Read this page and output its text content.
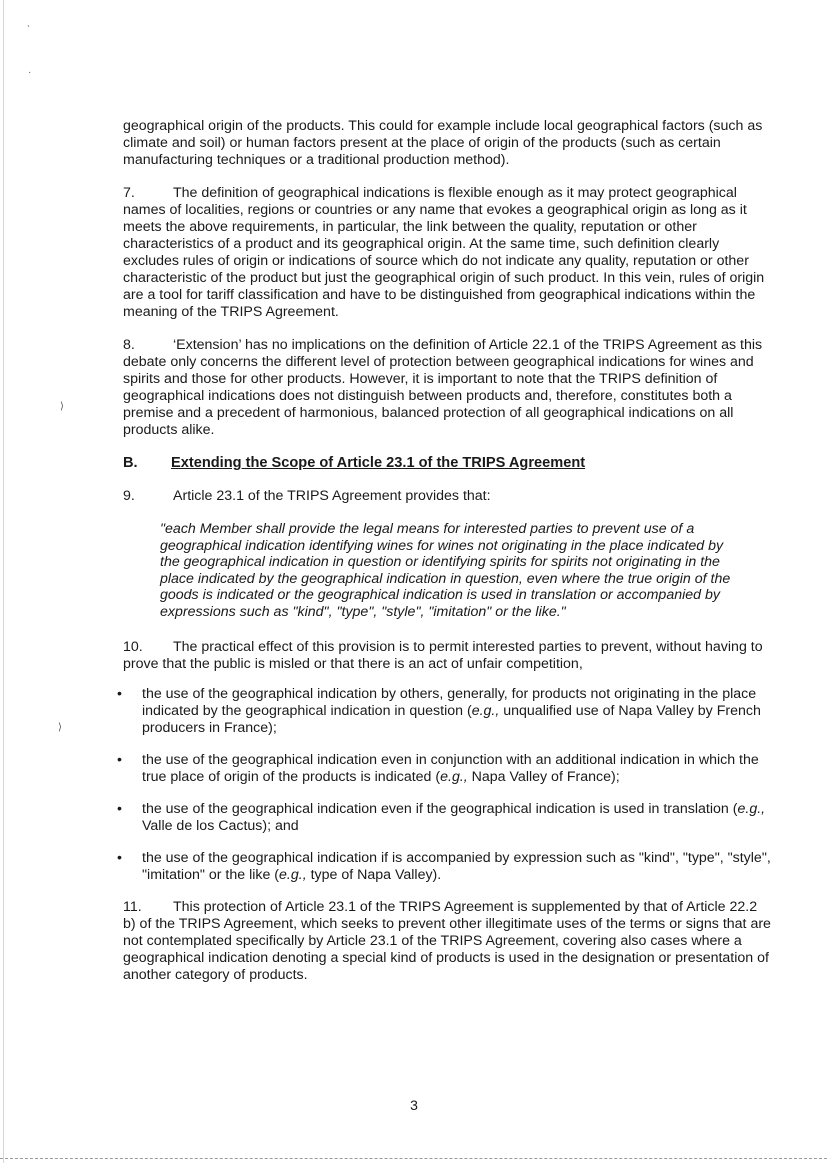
ˎ
·
⟩
⟩

geographical origin of the products. This could for example include local geographical factors (such as climate and soil) or human factors present at the place of origin of the products (such as certain manufacturing techniques or a traditional production method).

7.	The definition of geographical indications is flexible enough as it may protect geographical names of localities, regions or countries or any name that evokes a geographical origin as long as it meets the above requirements, in particular, the link between the quality, reputation or other characteristics of a product and its geographical origin. At the same time, such definition clearly excludes rules of origin or indications of source which do not indicate any quality, reputation or other characteristic of the product but just the geographical origin of such product. In this vein, rules of origin are a tool for tariff classification and have to be distinguished from geographical indications within the meaning of the TRIPS Agreement.

8.	‘Extension’ has no implications on the definition of Article 22.1 of the TRIPS Agreement as this debate only concerns the different level of protection between geographical indications for wines and spirits and those for other products. However, it is important to note that the TRIPS definition of geographical indications does not distinguish between products and, therefore, constitutes both a premise and a precedent of harmonious, balanced protection of all geographical indications on all products alike.

B.	Extending the Scope of Article 23.1 of the TRIPS Agreement

9.	Article 23.1 of the TRIPS Agreement provides that:

"each Member shall provide the legal means for interested parties to prevent use of a geographical indication identifying wines for wines not originating in the place indicated by the geographical indication in question or identifying spirits for spirits not originating in the place indicated by the geographical indication in question, even where the true origin of the goods is indicated or the geographical indication is used in translation or accompanied by expressions such as "kind", "type", "style", "imitation" or the like."

10. The practical effect of this provision is to permit interested parties to prevent, without having to prove that the public is misled or that there is an act of unfair competition,

• the use of the geographical indication by others, generally, for products not originating in the place indicated by the geographical indication in question (e.g., unqualified use of Napa Valley by French producers in France);
• the use of the geographical indication even in conjunction with an additional indication in which the true place of origin of the products is indicated (e.g., Napa Valley of France);
• the use of the geographical indication even if the geographical indication is used in translation (e.g., Valle de los Cactus); and
• the use of the geographical indication if is accompanied by expression such as "kind", "type", "style", "imitation" or the like (e.g., type of Napa Valley).

11. This protection of Article 23.1 of the TRIPS Agreement is supplemented by that of Article 22.2 b) of the TRIPS Agreement, which seeks to prevent other illegitimate uses of the terms or signs that are not contemplated specifically by Article 23.1 of the TRIPS Agreement, covering also cases where a geographical indication denoting a special kind of products is used in the designation or presentation of another category of products.

3
